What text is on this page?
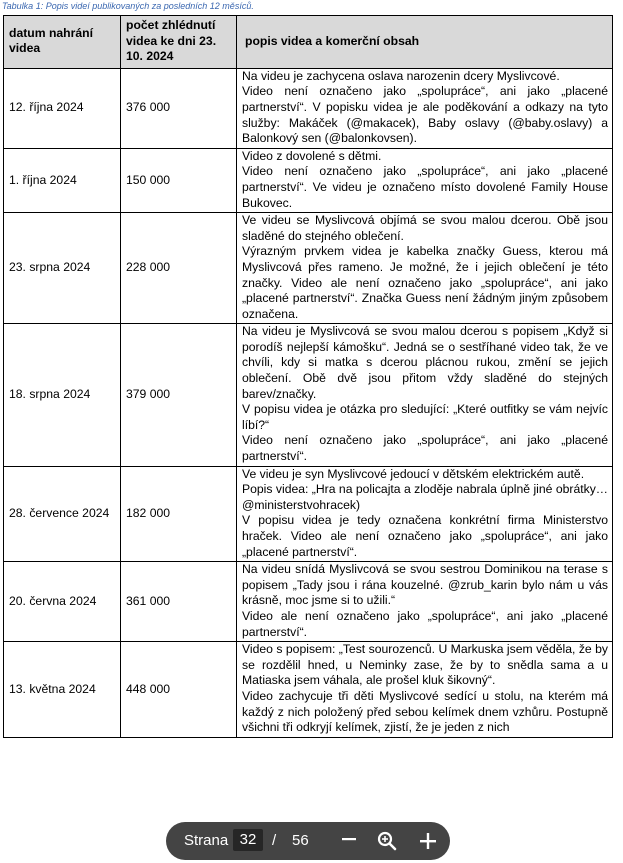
Tabulka 1: Popis videí publikovaných za posledních 12 měsíců.
datum nahrání videa	počet zhlédnutí videa ke dni 23. 10. 2024	popis videa a komerční obsah
12. října 2024	376 000	Na videu je zachycena oslava narozenin dcery Myslivcové.

Video není označeno jako „spolupráce“, ani jako „placené partnerství“. V popisku videa je ale poděkování a odkazy na tyto služby: Makáček (@makacek), Baby oslavy (@baby.oslavy) a Balonkový sen (@balonkovsen).

1. října 2024	150 000	Video z dovolené s dětmi.

Video není označeno jako „spolupráce“, ani jako „placené partnerství“. Ve videu je označeno místo dovolené Family House Bukovec.

23. srpna 2024	228 000	Ve videu se Myslivcová objímá se svou malou dcerou. Obě jsou sladěné do stejného oblečení.

Výrazným prvkem videa je kabelka značky Guess, kterou má Myslivcová přes rameno. Je možné, že i jejich oblečení je této značky. Video ale není označeno jako „spolupráce“, ani jako „placené partnerství“. Značka Guess není žádným jiným způsobem označena.

18. srpna 2024	379 000	Na videu je Myslivcová se svou malou dcerou s popisem „Když si porodíš nejlepší kámošku“. Jedná se o sestříhané video tak, že ve chvíli, kdy si matka s dcerou plácnou rukou, změní se jejich oblečení. Obě dvě jsou přitom vždy sladěné do stejných barev/značky.

V popisu videa je otázka pro sledující: „Které outfitky se vám nejvíc líbí?“

Video není označeno jako „spolupráce“, ani jako „placené partnerství“.

28. července 2024	182 000	Ve videu je syn Myslivcové jedoucí v dětském elektrickém autě.

Popis videa: „Hra na policajta a zloděje nabrala úplně jiné obrátky…@ministerstvohracek)

V popisu videa je tedy označena konkrétní firma Ministerstvo hraček. Video ale není označeno jako „spolupráce“, ani jako „placené partnerství“.

20. června 2024	361 000	Na videu snídá Myslivcová se svou sestrou Dominikou na terase s popisem „Tady jsou i rána kouzelné. @zrub_karin bylo nám u vás krásně, moc jsme si to užili.“

Video ale není označeno jako „spolupráce“, ani jako „placené partnerství“.

13. května 2024	448 000	Video s popisem: „Test sourozenců. U Markuska jsem věděla, že by se rozdělil hned, u Neminky zase, že by to snědla sama a u Matiaska jsem váhala, ale prošel kluk šikovný“.

Video zachycuje tři děti Myslivcové sedící u stolu, na kterém má každý z nich položený před sebou kelímek dnem vzhůru. Postupně všichni tři odkryjí kelímek, zjistí, že je jeden z nich

Strana 32	/ 56
